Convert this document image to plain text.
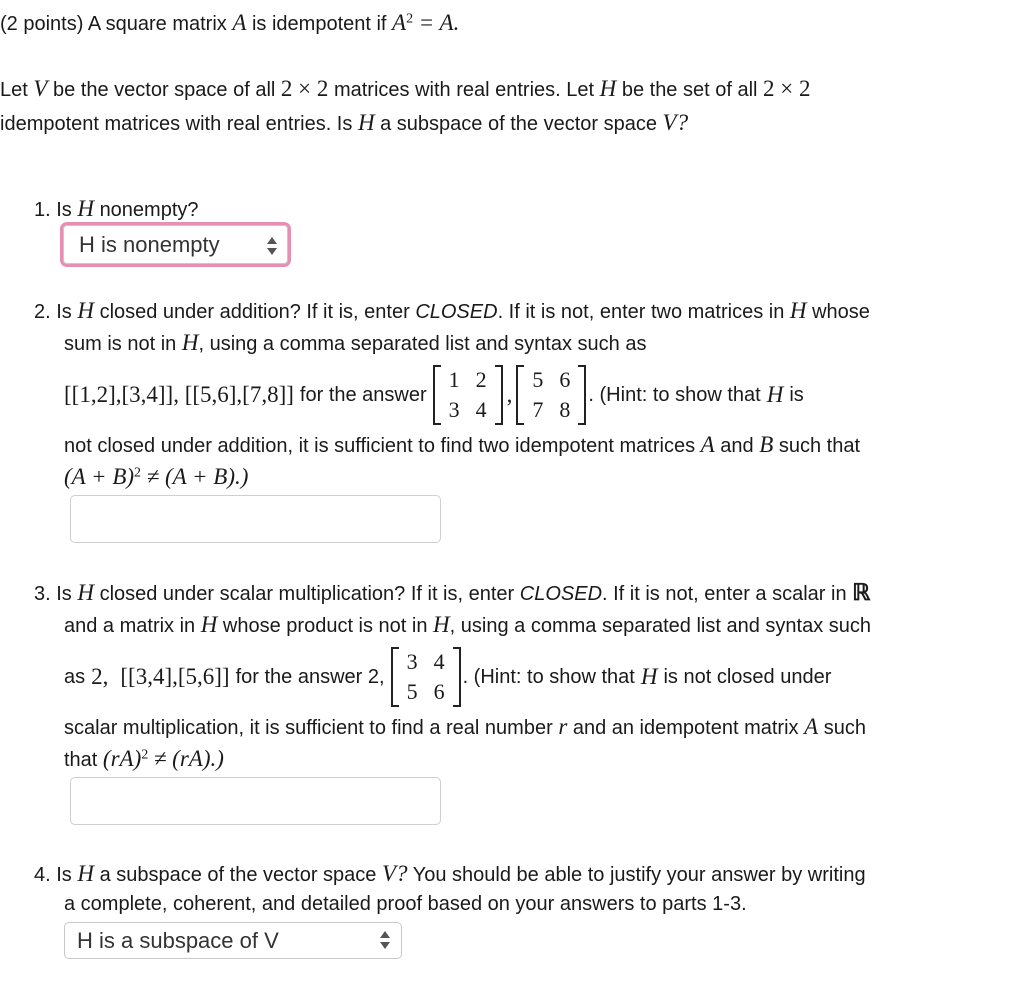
(2 points) A square matrix A is idempotent if $A^2 = A$.
Let V be the vector space of all 2 × 2 matrices with real entries. Let H be the set of all 2 × 2
idempotent matrices with real entries. Is H a subspace of the vector space V?
1. Is H nonempty?
H is nonempty
2. Is H closed under addition? If it is, enter CLOSED. If it is not, enter two matrices in H whose
sum is not in H, using a comma separated list and syntax such as
[[1,2],[3,4]], [[5,6],[7,8]] for the answer
1	2
3	4
,
5	6
7	8
. (Hint: to show that H is
not closed under addition, it is sufficient to find two idempotent matrices A and B such that
$(A + B)^2 \ne (A + B)$.)
3. Is H closed under scalar multiplication? If it is, enter CLOSED. If it is not, enter a scalar in ℝ
and a matrix in H whose product is not in H, using a comma separated list and syntax such
as 2, [[3,4],[5,6]] for the answer 2,
3	4
5	6
. (Hint: to show that H is not closed under
scalar multiplication, it is sufficient to find a real number r and an idempotent matrix A such
that (rA)$^2$ ≠ (rA).)
4. Is H a subspace of the vector space V? You should be able to justify your answer by writing
a complete, coherent, and detailed proof based on your answers to parts 1-3.
H is a subspace of V
